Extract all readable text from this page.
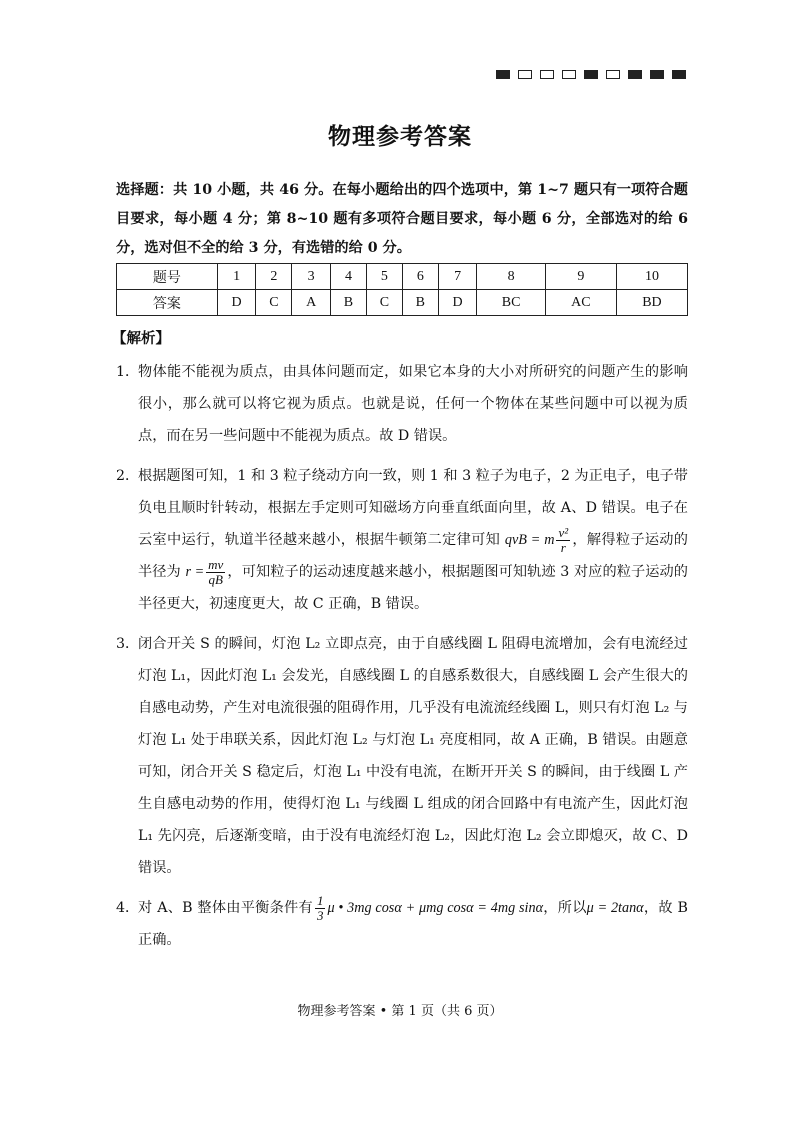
物理参考答案

选择题：共 10 小题，共 46 分。在每小题给出的四个选项中，第 1~7 题只有一项符合题目要求，每小题 4 分；第 8~10 题有多项符合题目要求，每小题 6 分，全部选对的给 6 分，选对但不全的给 3 分，有选错的给 0 分。

题号	1	2	3	4	5	6	7	8	9	10
答案	D	C	A	B	C	B	D	BC	AC	BD
【解析】
1．

物体能不能视为质点，由具体问题而定，如果它本身的大小对所研究的问题产生的影响很小，那么就可以将它视为质点。也就是说，任何一个物体在某些问题中可以视为质点，而在另一些问题中不能视为质点。故 D 错误。

2．

根据题图可知，1 和 3 粒子绕动方向一致，则 1 和 3 粒子为电子，2 为正电子，电子带负电且顺时针转动，根据左手定则可知磁场方向垂直纸面向里，故 A、D 错误。电子在云室中运行，轨道半径越来越小，根据牛顿第二定律可知 qvB = m $\frac{\text{v²}}{r}$ ，解得粒子运动的半径为 $r = \frac{mv}{qB}$ ，可知粒子的运动速度越来越小，根据题图可知轨迹 3 对应的粒子运动的半径更大，初速度更大，故 C 正确，B 错误。

3．

闭合开关 S 的瞬间，灯泡 L₂ 立即点亮，由于自感线圈 L 阻碍电流增加，会有电流经过灯泡 L₁，因此灯泡 L₁ 会发光，自感线圈 L 的自感系数很大，自感线圈 L 会产生很大的自感电动势，产生对电流很强的阻碍作用，几乎没有电流流经线圈 L，则只有灯泡 L₂ 与灯泡 L₁ 处于串联关系，因此灯泡 L₂ 与灯泡 L₁ 亮度相同，故 A 正确，B 错误。由题意可知，闭合开关 S 稳定后，灯泡 L₁ 中没有电流，在断开开关 S 的瞬间，由于线圈 L 产生自感电动势的作用，使得灯泡 L₁ 与线圈 L 组成的闭合回路中有电流产生，因此灯泡 L₁ 先闪亮，后逐渐变暗，由于没有电流经灯泡 L₂，因此灯泡 L₂ 会立即熄灭，故 C、D 错误。

4．

对 A、B 整体由平衡条件有 $\frac{1}{3}$ μ • 3mg cosα + μmg cosα = 4mg sinα，所以μ = 2tanα，故 B 正确。

物理参考答案 • 第 1 页（共 6 页）
